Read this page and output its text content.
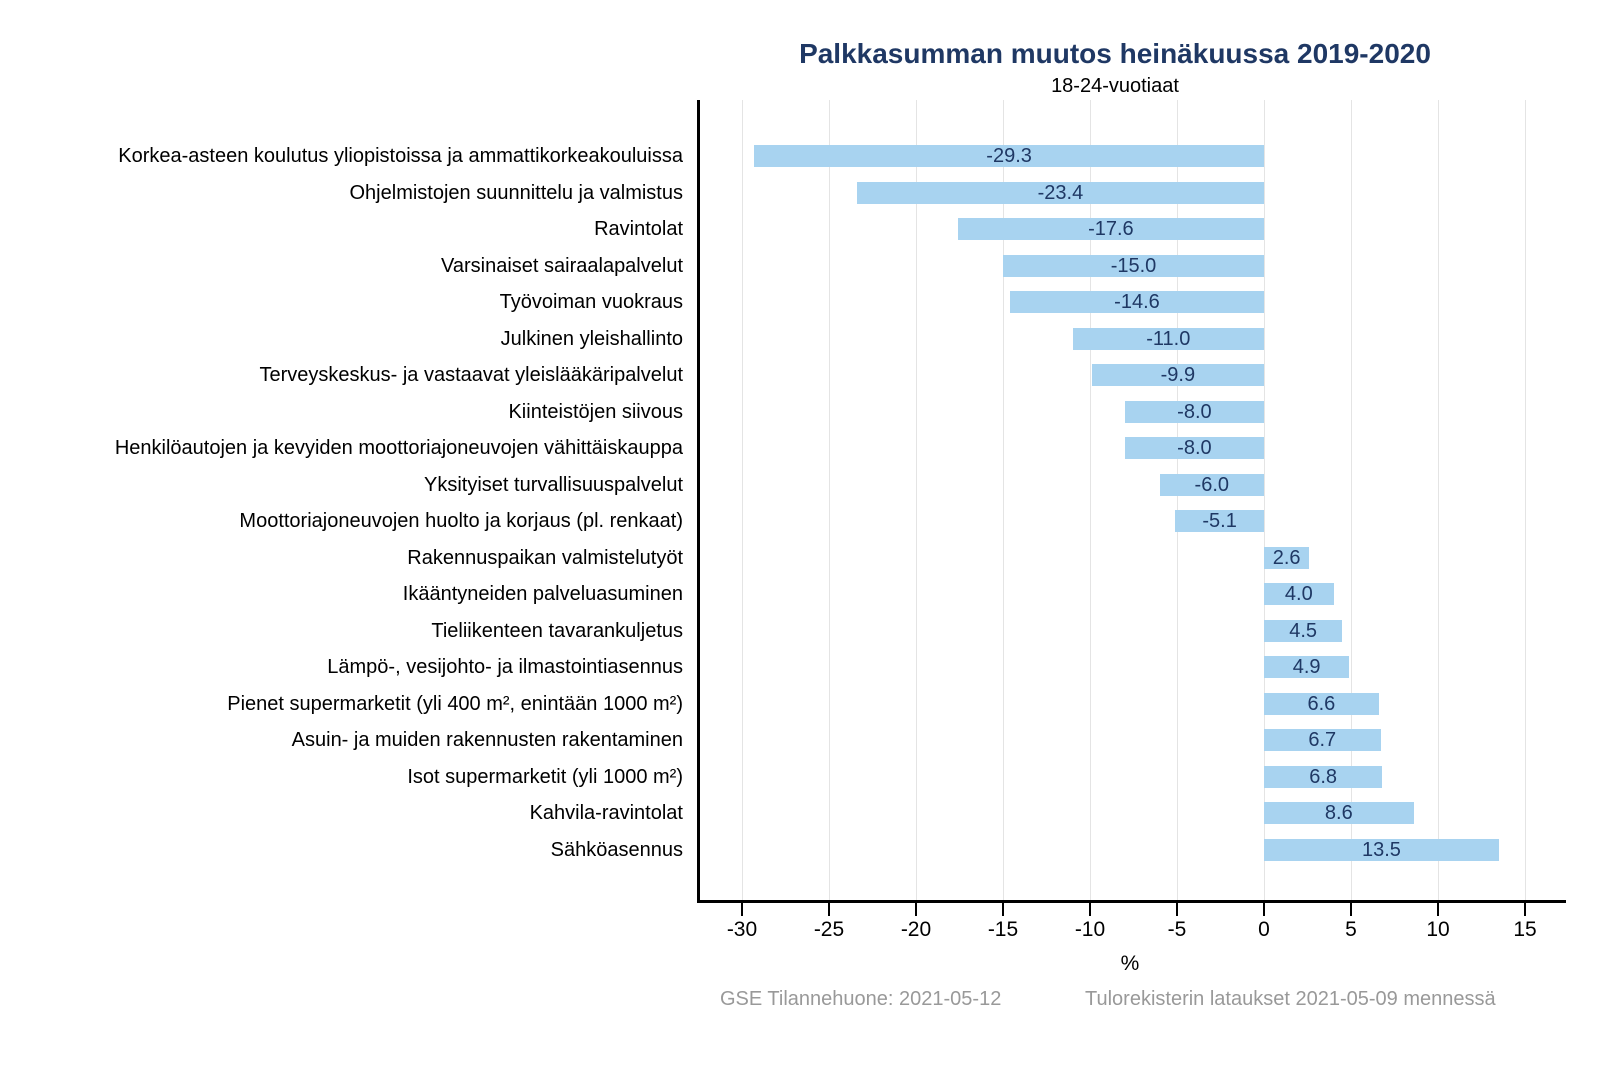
Palkkasumman muutos heinäkuussa 2019-2020
18-24-vuotiaat
-29.3
-23.4
-17.6
-15.0
-14.6
-11.0
-9.9
-8.0
-8.0
-6.0
-5.1
2.6
4.0
4.5
4.9
6.6
6.7
6.8
8.6
13.5
%
GSE Tilannehuone: 2021-05-12	Tulorekisterin lataukset 2021-05-09 mennessä
Korkea-asteen koulutus yliopistoissa ja ammattikorkeakouluissa
Ohjelmistojen suunnittelu ja valmistus
Ravintolat
Varsinaiset sairaalapalvelut
Työvoiman vuokraus
Julkinen yleishallinto
Terveyskeskus- ja vastaavat yleislääkäripalvelut
Kiinteistöjen siivous
Henkilöautojen ja kevyiden moottoriajoneuvojen vähittäiskauppa
Yksityiset turvallisuuspalvelut
Moottoriajoneuvojen huolto ja korjaus (pl. renkaat)
Rakennuspaikan valmistelutyöt
Ikääntyneiden palveluasuminen
Tieliikenteen tavarankuljetus
Lämpö-, vesijohto- ja ilmastointiasennus
Pienet supermarketit (yli 400 m², enintään 1000 m²)
Asuin- ja muiden rakennusten rakentaminen
Isot supermarketit (yli 1000 m²)
Kahvila-ravintolat
Sähköasennus
-30	-25	-20	-15	-10	-5	0	5	10	15
